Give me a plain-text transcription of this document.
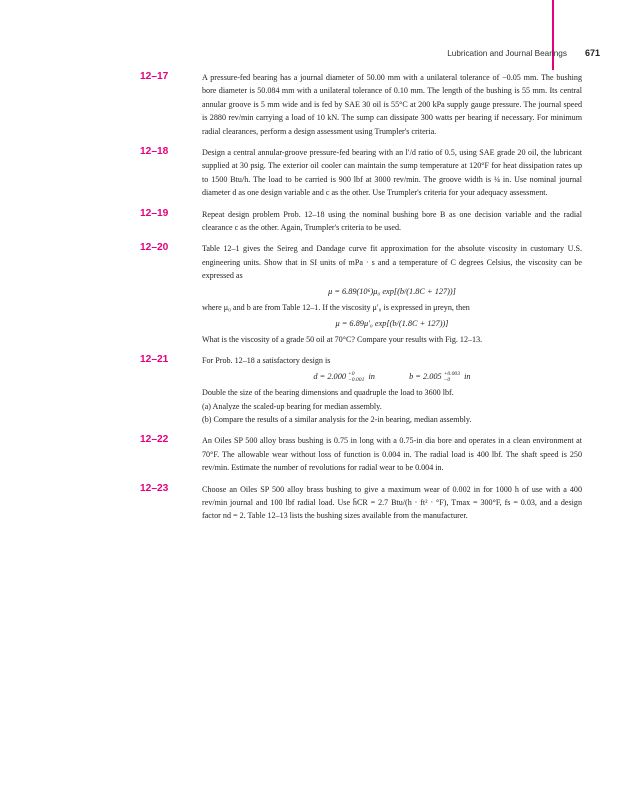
Lubrication and Journal Bearings 671
12–17	A pressure-fed bearing has a journal diameter of 50.00 mm with a unilateral tolerance of −0.05 mm. The bushing bore diameter is 50.084 mm with a unilateral tolerance of 0.10 mm. The length of the bushing is 55 mm. Its central annular groove is 5 mm wide and is fed by SAE 30 oil is 55°C at 200 kPa supply gauge pressure. The journal speed is 2880 rev/min carrying a load of 10 kN. The sump can dissipate 300 watts per bearing if necessary. For minimum radial clearances, perform a design assessment using Trumpler's criteria.

12–18	Design a central annular-groove pressure-fed bearing with an l′/d ratio of 0.5, using SAE grade 20 oil, the lubricant supplied at 30 psig. The exterior oil cooler can maintain the sump temperature at 120°F for heat dissipation rates up to 1500 Btu/h. The load to be carried is 900 lbf at 3000 rev/min. The groove width is ¼ in. Use nominal journal diameter d as one design variable and c as the other. Use Trumpler's criteria for your adequacy assessment.

12–19	Repeat design problem Prob. 12–18 using the nominal bushing bore B as one decision variable and the radial clearance c as the other. Again, Trumpler's criteria to be used.

12–20	Table 12–1 gives the Seireg and Dandage curve fit approximation for the absolute viscosity in customary U.S. engineering units. Show that in SI units of mPa · s and a temperature of C degrees Celsius, the viscosity can be expressed as

μ = 6.89(10⁶)μ₀ exp[(b/(1.8C + 127))]

where μ₀ and b are from Table 12–1. If the viscosity μ′₀ is expressed in μreyn, then

μ = 6.89μ′₀ exp[(b/(1.8C + 127))]

What is the viscosity of a grade 50 oil at 70°C? Compare your results with Fig. 12–13.

12–21	For Prob. 12–18 a satisfactory design is

d = 2.000 +0
−0.001 in	b = 2.005 +0.003
−0	in

Double the size of the bearing dimensions and quadruple the load to 3600 lbf.

(a) Analyze the scaled-up bearing for median assembly.

(b) Compare the results of a similar analysis for the 2-in bearing, median assembly.

12–22	An Oiles SP 500 alloy brass bushing is 0.75 in long with a 0.75-in dia bore and operates in a clean environment at 70°F. The allowable wear without loss of function is 0.004 in. The radial load is 400 lbf. The shaft speed is 250 rev/min. Estimate the number of revolutions for radial wear to be 0.004 in.

12–23	Choose an Oiles SP 500 alloy brass bushing to give a maximum wear of 0.002 in for 1000 h of use with a 400 rev/min journal and 100 lbf radial load. Use h̄CR = 2.7 Btu/(h · ft² · °F), Tmax = 300°F, fs = 0.03, and a design factor nd = 2. Table 12–13 lists the bushing sizes available from the manufacturer.
